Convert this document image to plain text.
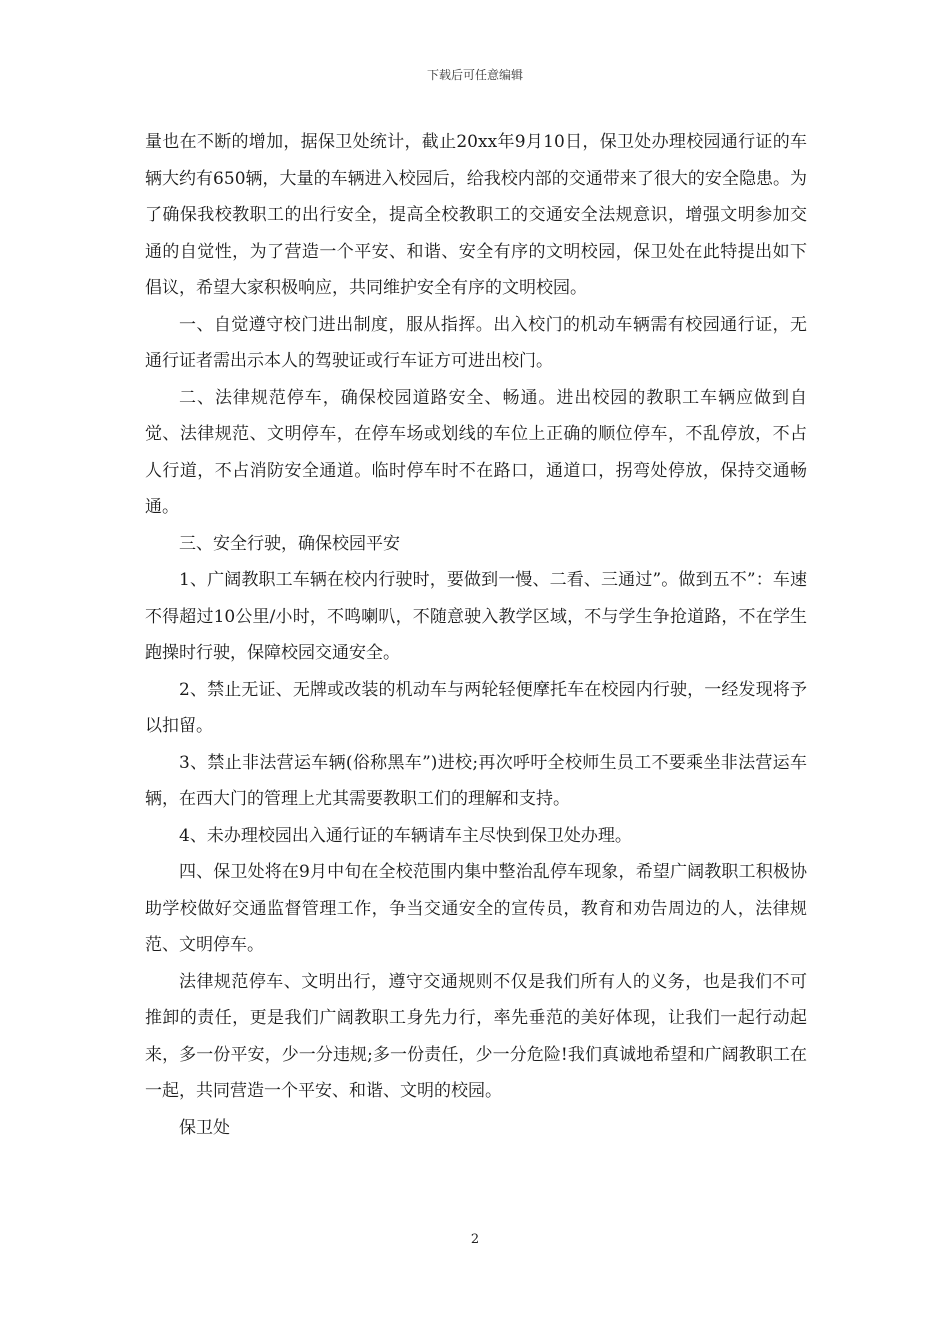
下载后可任意编辑

量也在不断的增加，据保卫处统计，截止20xx年9月10日，保卫处办理校园通行证的车辆大约有650辆，大量的车辆进入校园后，给我校内部的交通带来了很大的安全隐患。为了确保我校教职工的出行安全，提高全校教职工的交通安全法规意识，增强文明参加交通的自觉性，为了营造一个平安、和谐、安全有序的文明校园，保卫处在此特提出如下倡议，希望大家积极响应，共同维护安全有序的文明校园。

一、自觉遵守校门进出制度，服从指挥。出入校门的机动车辆需有校园通行证，无通行证者需出示本人的驾驶证或行车证方可进出校门。

二、法律规范停车，确保校园道路安全、畅通。进出校园的教职工车辆应做到自觉、法律规范、文明停车，在停车场或划线的车位上正确的顺位停车，不乱停放，不占人行道，不占消防安全通道。临时停车时不在路口，通道口，拐弯处停放，保持交通畅通。

三、安全行驶，确保校园平安

1、广阔教职工车辆在校内行驶时，要做到一慢、二看、三通过”。做到五不”：车速不得超过10公里/小时，不鸣喇叭，不随意驶入教学区域，不与学生争抢道路，不在学生跑操时行驶，保障校园交通安全。

2、禁止无证、无牌或改装的机动车与两轮轻便摩托车在校园内行驶，一经发现将予以扣留。

3、禁止非法营运车辆(俗称黑车”)进校;再次呼吁全校师生员工不要乘坐非法营运车辆，在西大门的管理上尤其需要教职工们的理解和支持。

4、未办理校园出入通行证的车辆请车主尽快到保卫处办理。

四、保卫处将在9月中旬在全校范围内集中整治乱停车现象，希望广阔教职工积极协助学校做好交通监督管理工作，争当交通安全的宣传员，教育和劝告周边的人，法律规范、文明停车。

法律规范停车、文明出行，遵守交通规则不仅是我们所有人的义务，也是我们不可推卸的责任，更是我们广阔教职工身先力行，率先垂范的美好体现，让我们一起行动起来，多一份平安，少一分违规;多一份责任，少一分危险!我们真诚地希望和广阔教职工在一起，共同营造一个平安、和谐、文明的校园。

保卫处

2
